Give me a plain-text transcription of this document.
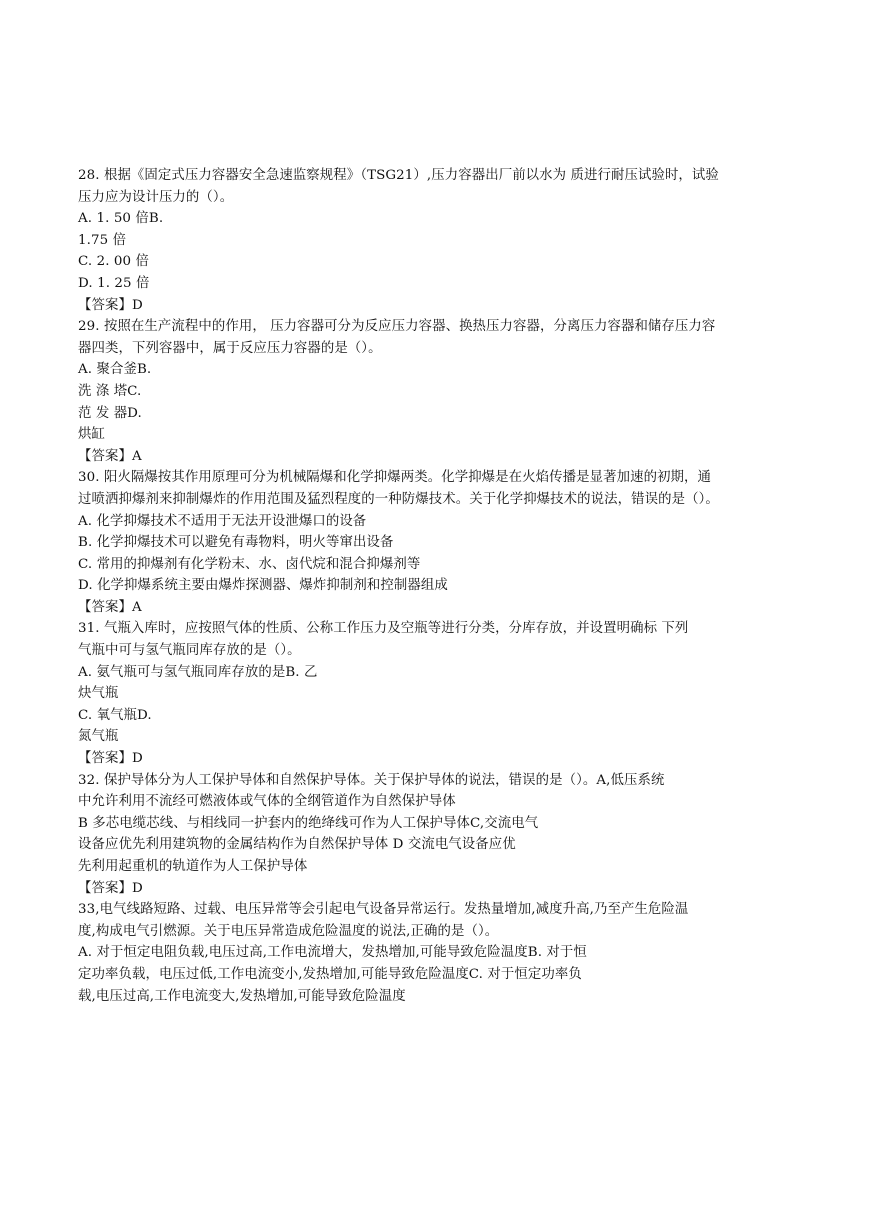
28. 根据《固定式压力容器安全急速监察规程》（TSG21）,压力容器出厂前以水为 质进行耐压试验时，试验
压力应为设计压力的（）。
A. 1. 50 倍B.
1.75 倍
C. 2. 00 倍
D. 1. 25 倍
【答案】D
29. 按照在生产流程中的作用， 压力容器可分为反应压力容器、换热压力容器，分离压力容器和储存压力容
器四类，下列容器中，属于反应压力容器的是（）。
A. 聚合釜B.
洗 涤 塔C.
范 发 器D.
烘缸
【答案】A
30. 阳火隔爆按其作用原理可分为机械隔爆和化学抑爆两类。化学抑爆是在火焰传播是显著加速的初期，通
过喷洒抑爆剂来抑制爆炸的作用范围及猛烈程度的一种防爆技术。关于化学抑爆技术的说法，错误的是（）。
A. 化学抑爆技术不适用于无法开设泄爆口的设备
B. 化学抑爆技术可以避免有毒物料，明火等窜出设备
C. 常用的抑爆剂有化学粉末、水、卤代烷和混合抑爆剂等
D. 化学抑爆系统主要由爆炸探测器、爆炸抑制剂和控制器组成
【答案】A
31. 气瓶入库时，应按照气体的性质、公称工作压力及空瓶等进行分类，分库存放，并设置明确标 下列
气瓶中可与氢气瓶同库存放的是（）。
A. 氨气瓶可与氢气瓶同库存放的是B. 乙
炔气瓶
C. 氧气瓶D.
氮气瓶
【答案】D
32. 保护导体分为人工保护导体和自然保护导体。关于保护导体的说法，错误的是（）。A,低压系统
中允许利用不流经可燃液体或气体的全纲管道作为自然保护导体
B 多芯电缆芯线、与相线同一护套内的绝绛线可作为人工保护导体C,交流电气
设备应优先利用建筑物的金属结构作为自然保护导体 D 交流电气设备应优
先利用起重机的轨道作为人工保护导体
【答案】D
33,电气线路短路、过载、电压异常等会引起电气设备异常运行。发热量增加,减度升高,乃至产生危险温
度,构成电气引燃源。关于电压异常造成危险温度的说法,正确的是（）。
A. 对于恒定电阻负载,电压过高,工作电流增大，发热增加,可能导致危险温度B. 对于恒
定功率负载，电压过低,工作电流变小,发热增加,可能导致危险温度C. 对于恒定功率负
载,电压过高,工作电流变大,发热增加,可能导致危险温度
